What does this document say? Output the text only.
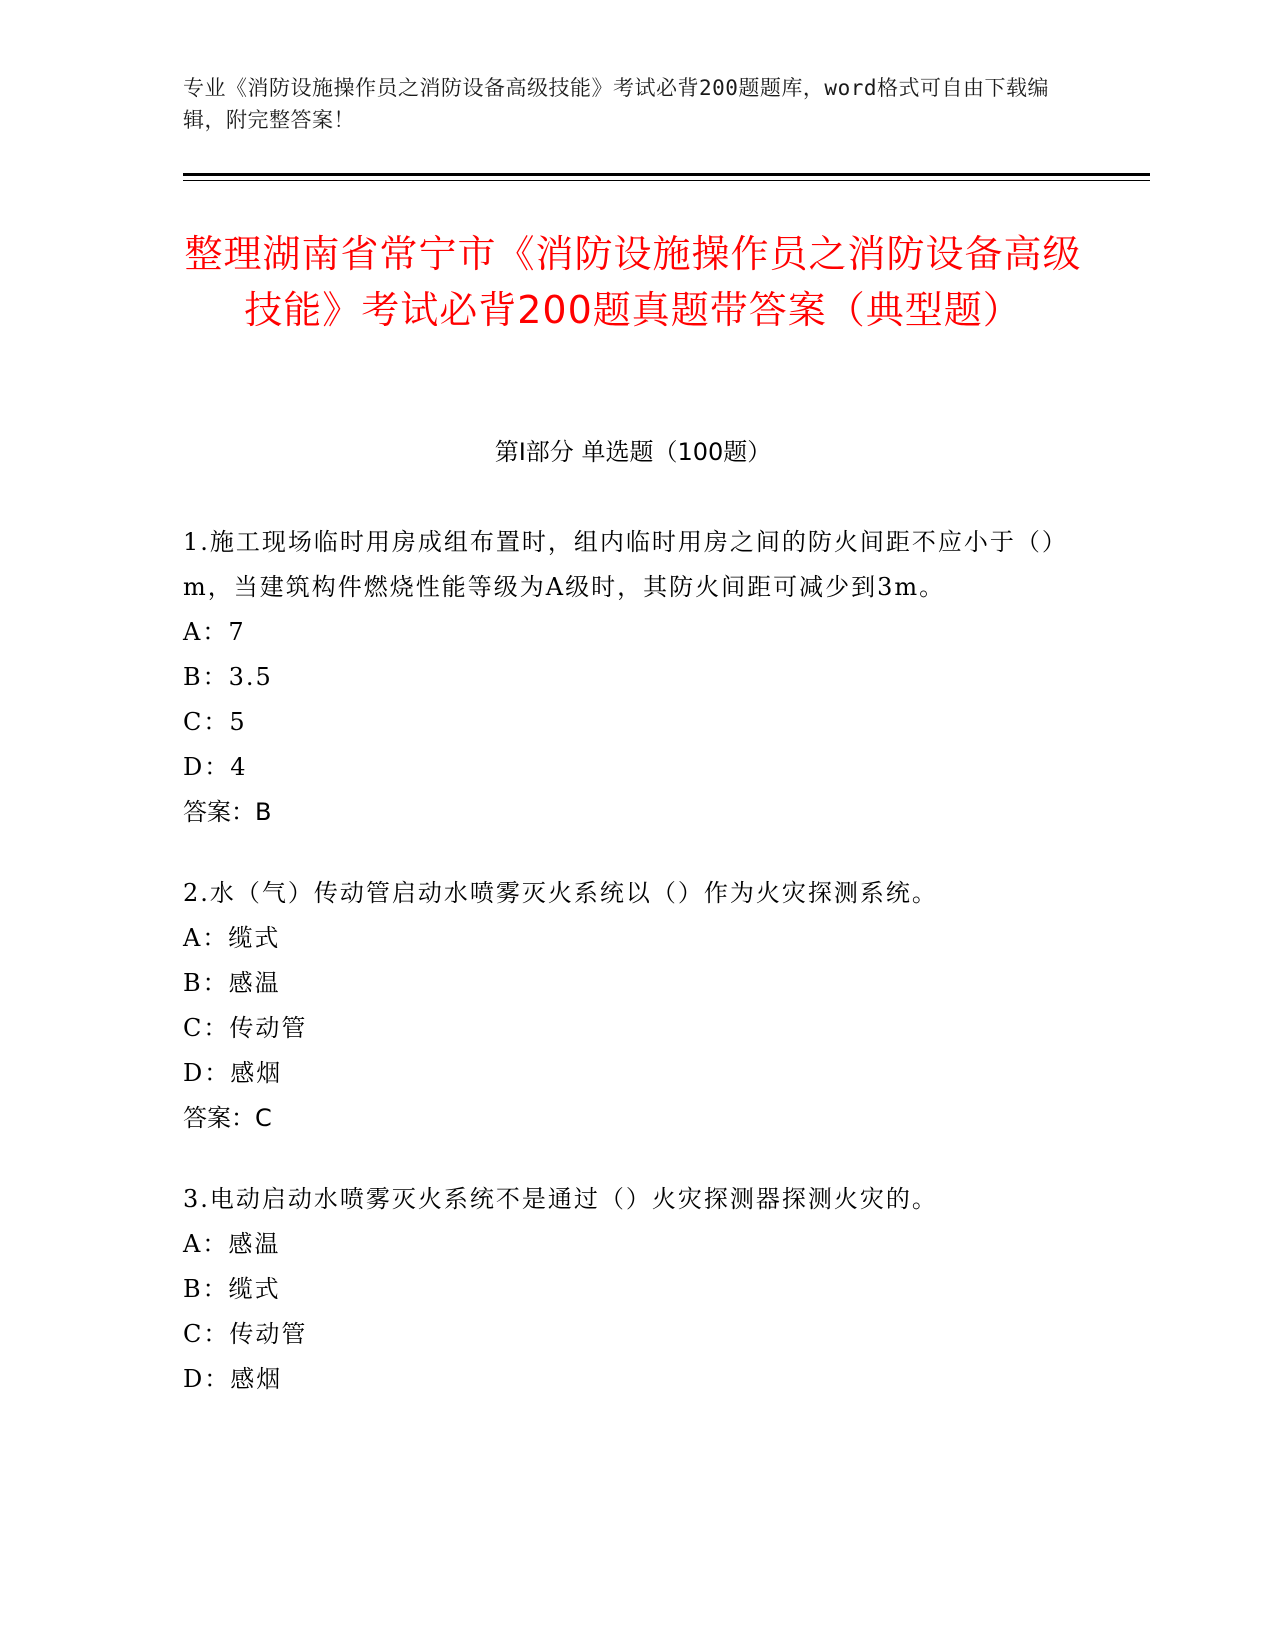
专业《消防设施操作员之消防设备高级技能》考试必背200题题库，word格式可自由下载编辑，附完整答案！
整理湖南省常宁市《消防设施操作员之消防设备高级技能》考试必背200题真题带答案（典型题）
第Ⅰ部分 单选题（100题）
1.施工现场临时用房成组布置时，组内临时用房之间的防火间距不应小于（）m，当建筑构件燃烧性能等级为A级时，其防火间距可减少到3m。
A：7
B：3.5
C：5
D：4
答案：B
2.水（气）传动管启动水喷雾灭火系统以（）作为火灾探测系统。
A：缆式
B：感温
C：传动管
D：感烟
答案：C
3.电动启动水喷雾灭火系统不是通过（）火灾探测器探测火灾的。
A：感温
B：缆式
C：传动管
D：感烟
